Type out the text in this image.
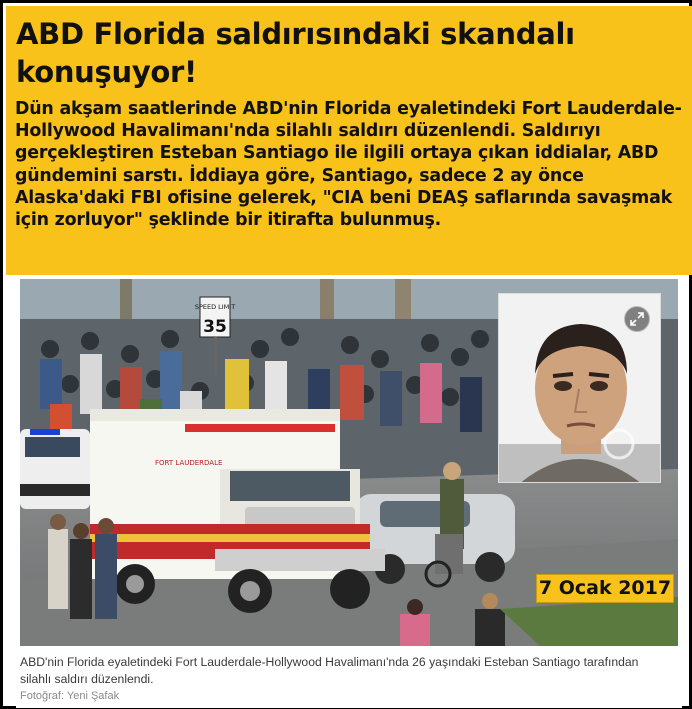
ABD Florida saldırısındaki skandalı konuşuyor!

Dün akşam saatlerinde ABD'nin Florida eyaletindeki Fort Lauderdale-Hollywood Havalimanı'nda silahlı saldırı düzenlendi. Saldırıyı gerçekleştiren Esteban Santiago ile ilgili ortaya çıkan iddialar, ABD gündemini sarstı. İddiaya göre, Santiago, sadece 2 ay önce Alaska'daki FBI ofisine gelerek, "CIA beni DEAŞ saflarında savaşmak için zorluyor" şeklinde bir itirafta bulunmuş.

SPEED LIMIT
35
FORT LAUDERDALE
7 Ocak 2017

ABD'nin Florida eyaletindeki Fort Lauderdale-Hollywood Havalimanı'nda 26 yaşındaki Esteban Santiago tarafından silahlı saldırı düzenlendi.

Fotoğraf: Yeni Şafak
